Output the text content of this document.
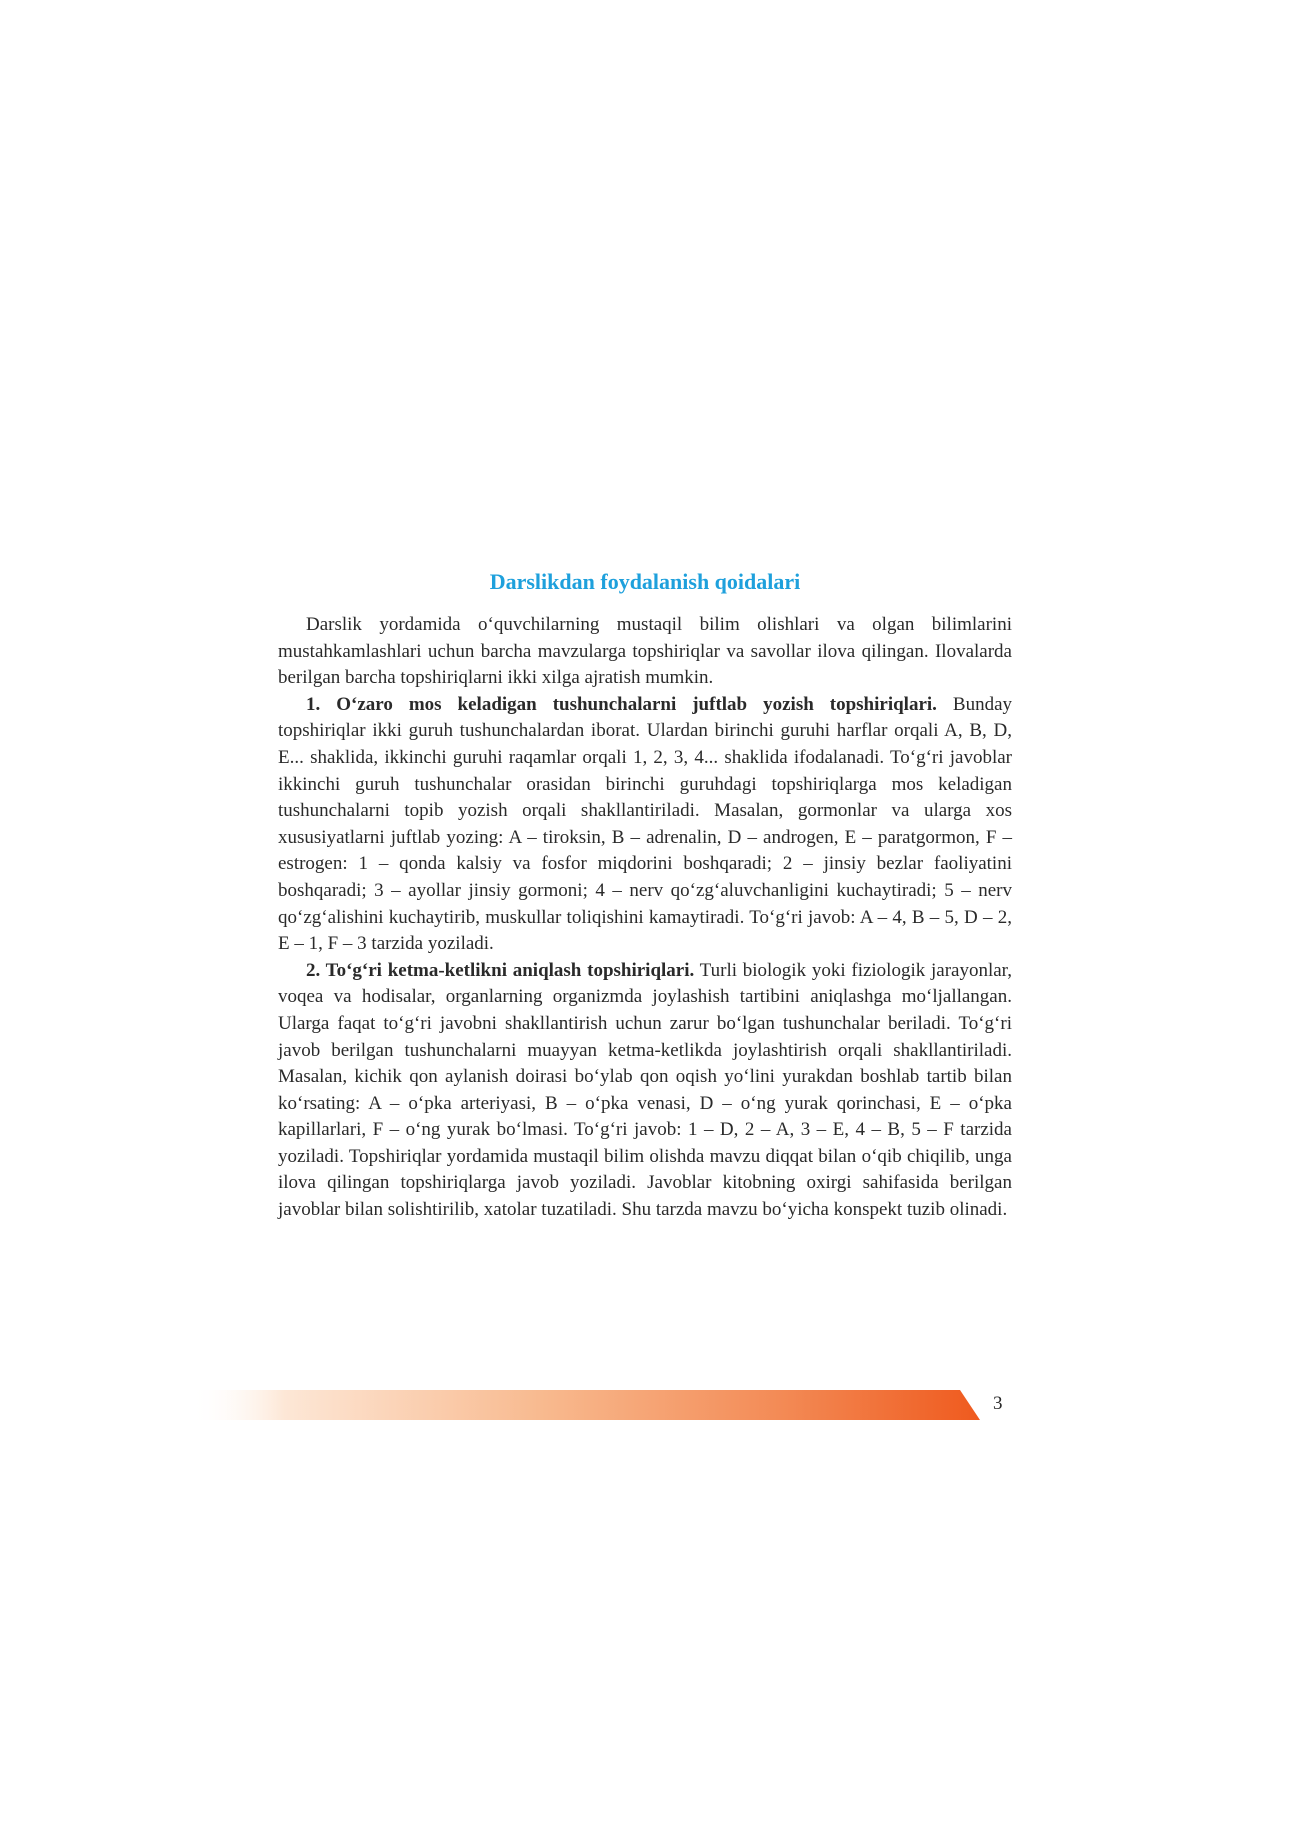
Darslikdan foydalanish qoidalari

Darslik yordamida o‘quvchilarning mustaqil bilim olishlari va olgan bilimlarini mustahkamlashlari uchun barcha mavzularga topshiriqlar va savollar ilova qilingan. Ilovalarda berilgan barcha topshiriqlarni ikki xilga ajratish mumkin.

1. O‘zaro mos keladigan tushunchalarni juftlab yozish topshiriqlari. Bunday topshiriqlar ikki guruh tushunchalardan iborat. Ulardan birinchi guruhi harflar orqali A, B, D, E... shaklida, ikkinchi guruhi raqamlar orqali 1, 2, 3, 4... shaklida ifodalanadi. To‘g‘ri javoblar ikkinchi guruh tushunchalar orasidan birinchi guruhdagi topshiriqlarga mos keladigan tushunchalarni topib yozish orqali shakllantiriladi. Masalan, gormonlar va ularga xos xususiyatlarni juftlab yozing: A – tiroksin, B – adrenalin, D – androgen, E – paratgormon, F – estrogen: 1 – qonda kalsiy va fosfor miqdorini boshqaradi; 2 – jinsiy bezlar faoliyatini boshqaradi; 3 – ayollar jinsiy gormoni; 4 – nerv qo‘zg‘aluvchanligini kuchaytiradi; 5 – nerv qo‘zg‘alishini kuchaytirib, muskullar toliqishini kamaytiradi. To‘g‘ri javob: A – 4, B – 5, D – 2, E – 1, F – 3 tarzida yoziladi.

2. To‘g‘ri ketma-ketlikni aniqlash topshiriqlari. Turli biologik yoki fiziologik jarayonlar, voqea va hodisalar, organlarning organizmda joylashish tartibini aniqlashga mo‘ljallangan. Ularga faqat to‘g‘ri javobni shakllantirish uchun zarur bo‘lgan tushunchalar beriladi. To‘g‘ri javob berilgan tushunchalarni muayyan ketma-ketlikda joylashtirish orqali shakllantiriladi. Masalan, kichik qon aylanish doirasi bo‘ylab qon oqish yo‘lini yurakdan boshlab tartib bilan ko‘rsating: A – o‘pka arteriyasi, B – o‘pka venasi, D – o‘ng yurak qorinchasi, E – o‘pka kapillarlari, F – o‘ng yurak bo‘lmasi. To‘g‘ri javob: 1 – D, 2 – A, 3 – E, 4 – B, 5 – F tarzida yoziladi. Topshiriqlar yordamida mustaqil bilim olishda mavzu diqqat bilan o‘qib chiqilib, unga ilova qilingan topshiriqlarga javob yoziladi. Javoblar kitobning oxirgi sahifasida berilgan javoblar bilan solishtirilib, xatolar tuzatiladi. Shu tarzda mavzu bo‘yicha konspekt tuzib olinadi.

3
